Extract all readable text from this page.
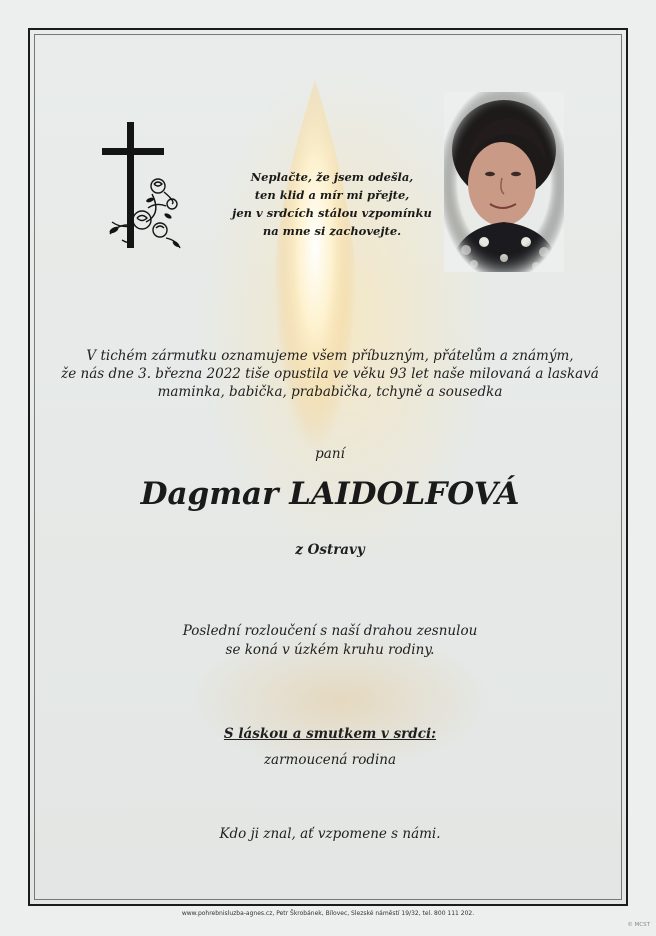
Neplačte, že jsem odešla,
ten klid a mír mi přejte,
jen v srdcích stálou vzpomínku
na mne si zachovejte.
V tichém zármutku oznamujeme všem příbuzným, přátelům a známým,
že nás dne 3. března 2022 tiše opustila ve věku 93 let naše milovaná a laskavá
maminka, babička, prababička, tchyně a sousedka
paní
Dagmar LAIDOLFOVÁ
z Ostravy
Poslední rozloučení s naší drahou zesnulou
se koná v úzkém kruhu rodiny.
S láskou a smutkem v srdci:
zarmoucená rodina
Kdo ji znal, ať vzpomene s námi.
www.pohrebnisluzba-agnes.cz, Petr Škrobánek, Bílovec, Slezské náměstí 19/32, tel. 800 111 202.
© MCST
